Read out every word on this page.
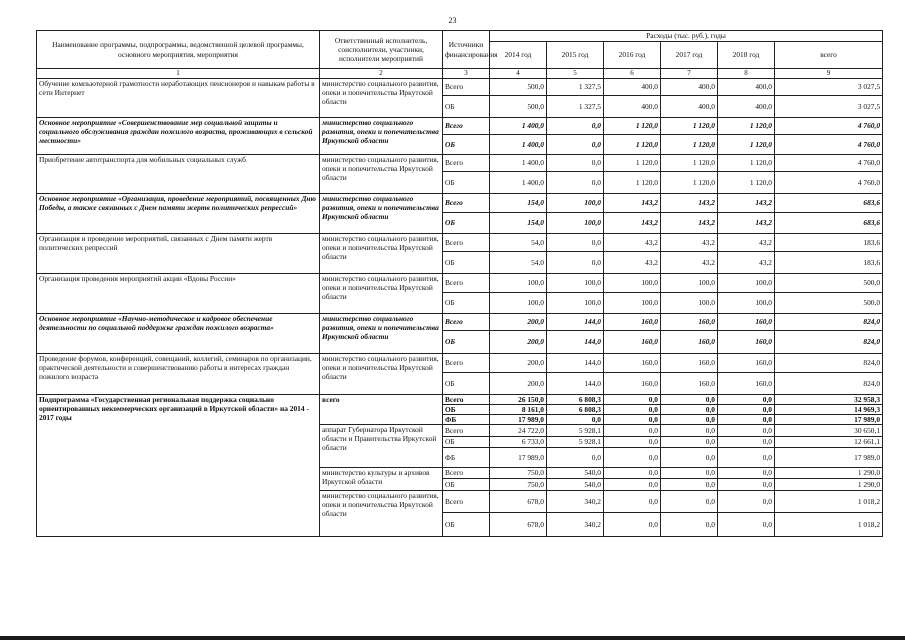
23
Наименование программы, подпрограммы, ведомственной целевой программы, основного мероприятия, мероприятия	Ответственный исполнитель, соисполнители, участники, исполнители мероприятий	Источники финансирования	Расходы (тыс. руб.), годы					
			2014 год	2015 год	2016 год	2017 год	2018 год	всего
1	2	3	4	5	6	7	8	9
Обучение компьютерной грамотности неработающих пенсионеров и навыкам работы в сети Интернет	министерство социального развития, опеки и попечительства Иркутской области	Всего	500,0	1 327,5	400,0	400,0	400,0	3 027,5
		ОБ	500,0	1 327,5	400,0	400,0	400,0	3 027,5
Основное мероприятие «Совершенствование мер социальной защиты и социального обслуживания граждан пожилого возраста, проживающих в сельской местности»	министерство социального развития, опеки и попечительства Иркутской области	Всего	1 400,0	0,0	1 120,0	1 120,0	1 120,0	4 760,0
		ОБ	1 400,0	0,0	1 120,0	1 120,0	1 120,0	4 760,0
Приобретение автотранспорта для мобильных социальных служб	министерство социального развития, опеки и попечительства Иркутской области	Всего	1 400,0	0,0	1 120,0	1 120,0	1 120,0	4 760,0
		ОБ	1 400,0	0,0	1 120,0	1 120,0	1 120,0	4 760,0
Основное мероприятие «Организация, проведение мероприятий, посвященных Дню Победы, а также связанных с Днем памяти жертв политических репрессий»	министерство социального развития, опеки и попечительства Иркутской области	Всего	154,0	100,0	143,2	143,2	143,2	683,6
		ОБ	154,0	100,0	143,2	143,2	143,2	683,6
Организация и проведение мероприятий, связанных с Днем памяти жертв политических репрессий	министерство социального развития, опеки и попечительства Иркутской области	Всего	54,0	0,0	43,2	43,2	43,2	183,6
		ОБ	54,0	0,0	43,2	43,2	43,2	183,6
Организация проведения мероприятий акции «Вдовы России»	министерство социального развития, опеки и попечительства Иркутской области	Всего	100,0	100,0	100,0	100,0	100,0	500,0
		ОБ	100,0	100,0	100,0	100,0	100,0	500,0
Основное мероприятие «Научно-методическое и кадровое обеспечение деятельности по социальной поддержке граждан пожилого возраста»	министерство социального развития, опеки и попечительства Иркутской области	Всего	200,0	144,0	160,0	160,0	160,0	824,0
		ОБ	200,0	144,0	160,0	160,0	160,0	824,0
Проведение форумов, конференций, совещаний, коллегий, семинаров по организации, практической деятельности и совершенствованию работы в интересах граждан пожилого возраста	министерство социального развития, опеки и попечительства Иркутской области	Всего	200,0	144,0	160,0	160,0	160,0	824,0
		ОБ	200,0	144,0	160,0	160,0	160,0	824,0
Подпрограмма «Государственная региональная поддержка социально ориентированных некоммерческих организаций в Иркутской области» на 2014 - 2017 годы	всего	Всего	26 150,0	6 808,3	0,0	0,0	0,0	32 958,3
		ОБ	8 161,0	6 808,3	0,0	0,0	0,0	14 969,3
		ФБ	17 989,0	0,0	0,0	0,0	0,0	17 989,0
	аппарат Губернатора Иркутской области и Правительства Иркутской области	Всего	24 722,0	5 928,1	0,0	0,0	0,0	30 650,1
		ОБ	6 733,0	5 928,1	0,0	0,0	0,0	12 661,1
		ФБ	17 989,0	0,0	0,0	0,0	0,0	17 989,0
	министерство культуры и архивов Иркутской области	Всего	750,0	540,0	0,0	0,0	0,0	1 290,0
		ОБ	750,0	540,0	0,0	0,0	0,0	1 290,0
	министерство социального развития, опеки и попечительства Иркутской области	Всего	678,0	340,2	0,0	0,0	0,0	1 018,2
		ОБ	678,0	340,2	0,0	0,0	0,0	1 018,2
